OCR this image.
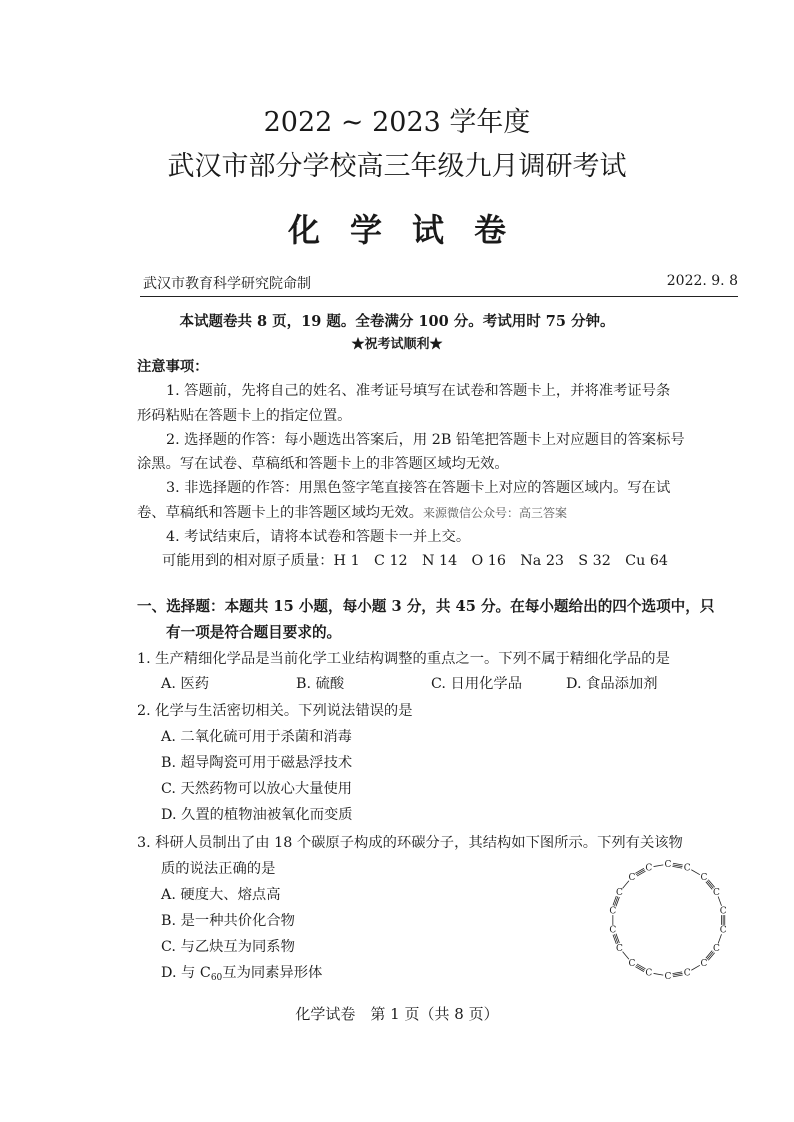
2022 ~ 2023 学年度
武汉市部分学校高三年级九月调研考试
化学试卷
武汉市教育科学研究院命制	2022. 9. 8
本试题卷共 8 页，19 题。全卷满分 100 分。考试用时 75 分钟。
★祝考试顺利★
注意事项：
1. 答题前，先将自己的姓名、准考证号填写在试卷和答题卡上，并将准考证号条
形码粘贴在答题卡上的指定位置。
2. 选择题的作答：每小题选出答案后，用 2B 铅笔把答题卡上对应题目的答案标号
涂黑。写在试卷、草稿纸和答题卡上的非答题区域均无效。
3. 非选择题的作答：用黑色签字笔直接答在答题卡上对应的答题区域内。写在试
卷、草稿纸和答题卡上的非答题区域均无效。来源微信公众号：高三答案
4. 考试结束后，请将本试卷和答题卡一并上交。
可能用到的相对原子质量：H 1　C 12　N 14　O 16　Na 23　S 32　Cu 64
一、选择题：本题共 15 小题，每小题 3 分，共 45 分。在每小题给出的四个选项中，只
有一项是符合题目要求的。
1. 生产精细化学品是当前化学工业结构调整的重点之一。下列不属于精细化学品的是
A. 医药	B. 硫酸	C. 日用化学品	D. 食品添加剂
2. 化学与生活密切相关。下列说法错误的是
A. 二氧化硫可用于杀菌和消毒
B. 超导陶瓷可用于磁悬浮技术
C. 天然药物可以放心大量使用
D. 久置的植物油被氧化而变质
3. 科研人员制出了由 18 个碳原子构成的环碳分子，其结构如下图所示。下列有关该物
质的说法正确的是
A. 硬度大、熔点高
B. 是一种共价化合物
C. 与乙炔互为同系物
D. 与 $C_{60}$互为同素异形体
C C
C
C
C
C
C
C
C
C
C
C
C
C
C
C
C
C
化学试卷　第 1 页（共 8 页）
